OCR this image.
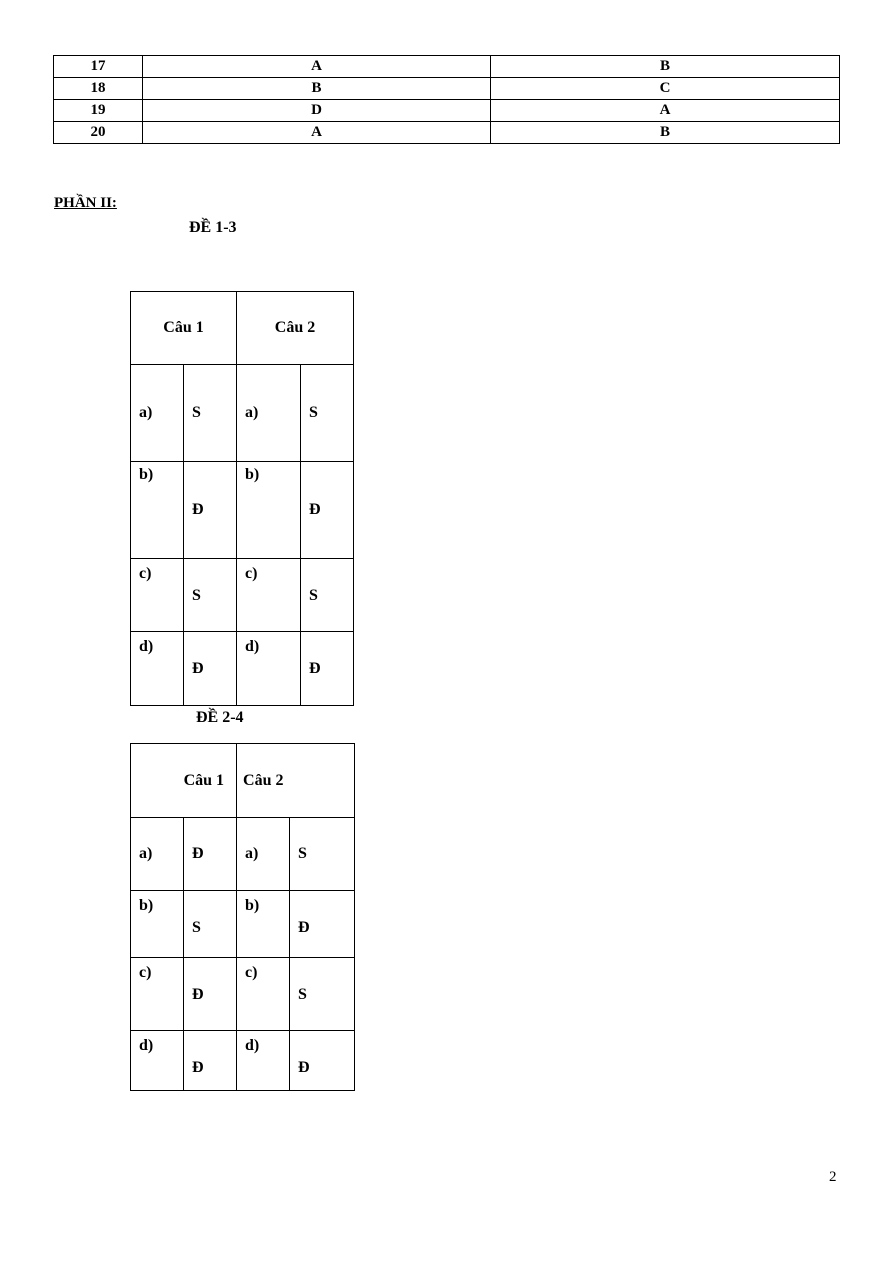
17	A	B
18	B	C
19	D	A
20	A	B
PHẦN II:
ĐỀ 1-3
Câu 1		Câu 2	
a)	S	a)	S
b)	Đ	b)	Đ
c)	S	c)	S
d)	Đ	d)	Đ
ĐỀ 2-4
Câu 1		Câu 2	
a)	Đ	a)	S
b)	S	b)	Đ
c)	Đ	c)	S
d)	Đ	d)	Đ
2
